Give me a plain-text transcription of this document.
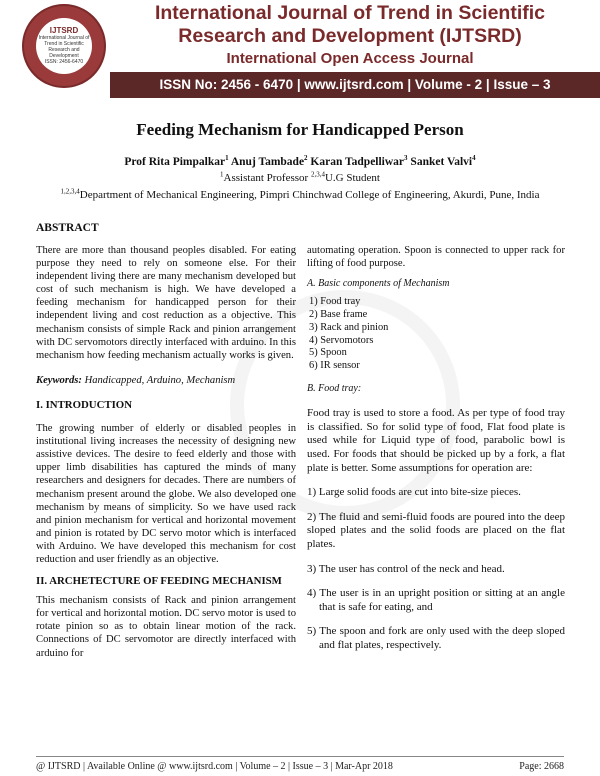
IJTSRD
International Journal of Trend in Scientific Research and Development
ISSN: 2456-6470
International Journal of Trend in Scientific Research and Development (IJTSRD)
International Open Access Journal
ISSN No: 2456 - 6470 | www.ijtsrd.com | Volume - 2 | Issue – 3
Feeding Mechanism for Handicapped Person
Prof Rita Pimpalkar$^1$ Anuj Tambade$^2$ Karan Tadpelliwar$^3$ Sanket Valvi$^4$
$^1$Assistant Professor $^{2,3,4}$U.G Student
$^{1,2,3,4}$Department of Mechanical Engineering, Pimpri Chinchwad College of Engineering, Akurdi, Pune, India
ABSTRACT

There are more than thousand peoples disabled. For eating purpose they need to rely on someone else. For their independent living there are many mechanism developed but cost of such mechanism is high. We have developed a feeding mechanism for handicapped person for their independent living and cost reduction as a objective. This mechanism consists of simple Rack and pinion arrangement with DC servomotors directly interfaced with arduino. In this mechanism how feeding mechanism actually works is given.

Keywords: Handicapped, Arduino, Mechanism

I. INTRODUCTION

The growing number of elderly or disabled peoples in institutional living increases the necessity of designing new assistive devices. The desire to feed elderly and those with upper limb disabilities has captured the minds of many researchers and designers for decades. There are numbers of mechanism present around the globe. We also developed one mechanism by means of simplicity. So we have used rack and pinion mechanism for vertical and horizontal movement and pinion is rotated by DC servo motor which is interfaced with Arduino. We have developed this mechanism for cost reduction and user friendly as an objective.

II. ARCHETECTURE OF FEEDING MECHANISM

This mechanism consists of Rack and pinion arrangement for vertical and horizontal motion. DC servo motor is used to rotate pinion so as to obtain linear motion of the rack. Connections of DC servomotor are directly interfaced with arduino for

automating operation. Spoon is connected to upper rack for lifting of food purpose.

A. Basic components of Mechanism

1) Food tray
2) Base frame
3) Rack and pinion
4) Servomotors
5) Spoon
6) IR sensor

B. Food tray:

Food tray is used to store a food. As per type of food tray is classified. So for solid type of food, Flat food plate is used while for Liquid type of food, parabolic bowl is used. For foods that should be picked up by a fork, a flat plate is better. Some assumptions for operation are:

1) Large solid foods are cut into bite-size pieces.

2) The fluid and semi-fluid foods are poured into the deep sloped plates and the solid foods are placed on the flat plates.

3) The user has control of the neck and head.

4) The user is in an upright position or sitting at an angle that is safe for eating, and

5) The spoon and fork are only used with the deep sloped and flat plates, respectively.

@ IJTSRD | Available Online @ www.ijtsrd.com | Volume – 2 | Issue – 3 | Mar-Apr 2018	Page: 2668
